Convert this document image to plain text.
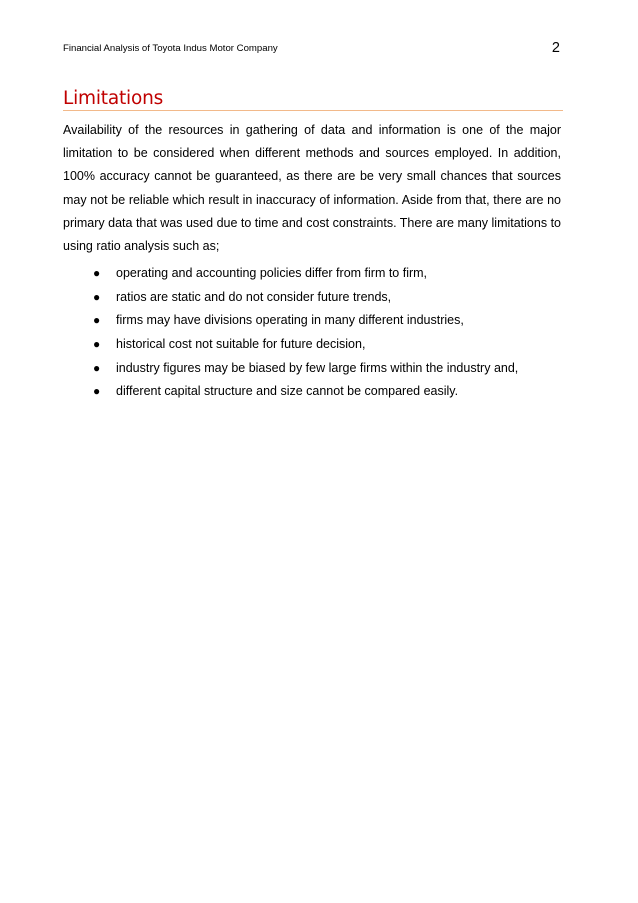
Financial Analysis of Toyota Indus Motor Company	2
Limitations

Availability of the resources in gathering of data and information is one of the major limitation to be considered when different methods and sources employed. In addition, 100% accuracy cannot be guaranteed, as there are be very small chances that sources may not be reliable which result in inaccuracy of information. Aside from that, there are no primary data that was used due to time and cost constraints. There are many limitations to using ratio analysis such as;

● operating and accounting policies differ from firm to firm,
● ratios are static and do not consider future trends,
● firms may have divisions operating in many different industries,
● historical cost not suitable for future decision,
● industry figures may be biased by few large firms within the industry and,
● different capital structure and size cannot be compared easily.
